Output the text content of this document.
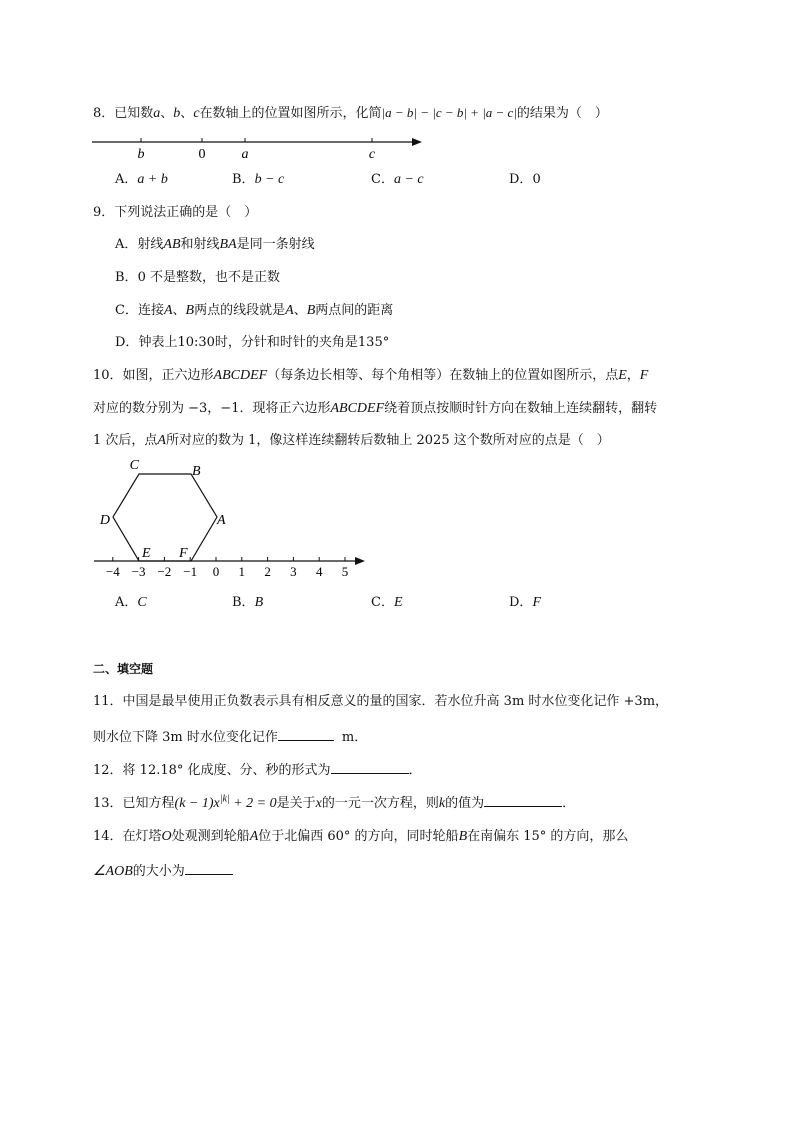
8．已知数a、b、c在数轴上的位置如图所示，化简|a − b| − |c − b| + |a − c|的结果为（　）
b	0	a	c
A．a + b	B．b − c	C．a − c	D．0
9．下列说法正确的是（　）
A．射线AB和射线BA是同一条射线
B．0 不是整数，也不是正数
C．连接A、B两点的线段就是A、B两点间的距离
D．钟表上10:30时，分针和时针的夹角是135°
10．如图，正六边形ABCDEF（每条边长相等、每个角相等）在数轴上的位置如图所示，点E，F
对应的数分别为 −3，−1．现将正六边形ABCDEF绕着顶点按顺时针方向在数轴上连续翻转，翻转
1 次后，点A所对应的数为 1，像这样连续翻转后数轴上 2025 这个数所对应的点是（　）
−4 −3 −2 −1 0 1 2 3 4 5
C	B
A
D
E F
A．C	B．B	C．E	D．F
二、填空题
11．中国是最早使用正负数表示具有相反意义的量的国家．若水位升高 3m 时水位变化记作 +3m，
则水位下降 3m 时水位变化记作	m．
12．将 12.18° 化成度、分、秒的形式为	．
13．已知方程$(k - 1)x^{|k|} + 2 = 0$是关于x的一元一次方程，则k的值为	．
14．在灯塔O处观测到轮船A位于北偏西 60° 的方向，同时轮船B在南偏东 15° 的方向，那么
∠AOB的大小为
